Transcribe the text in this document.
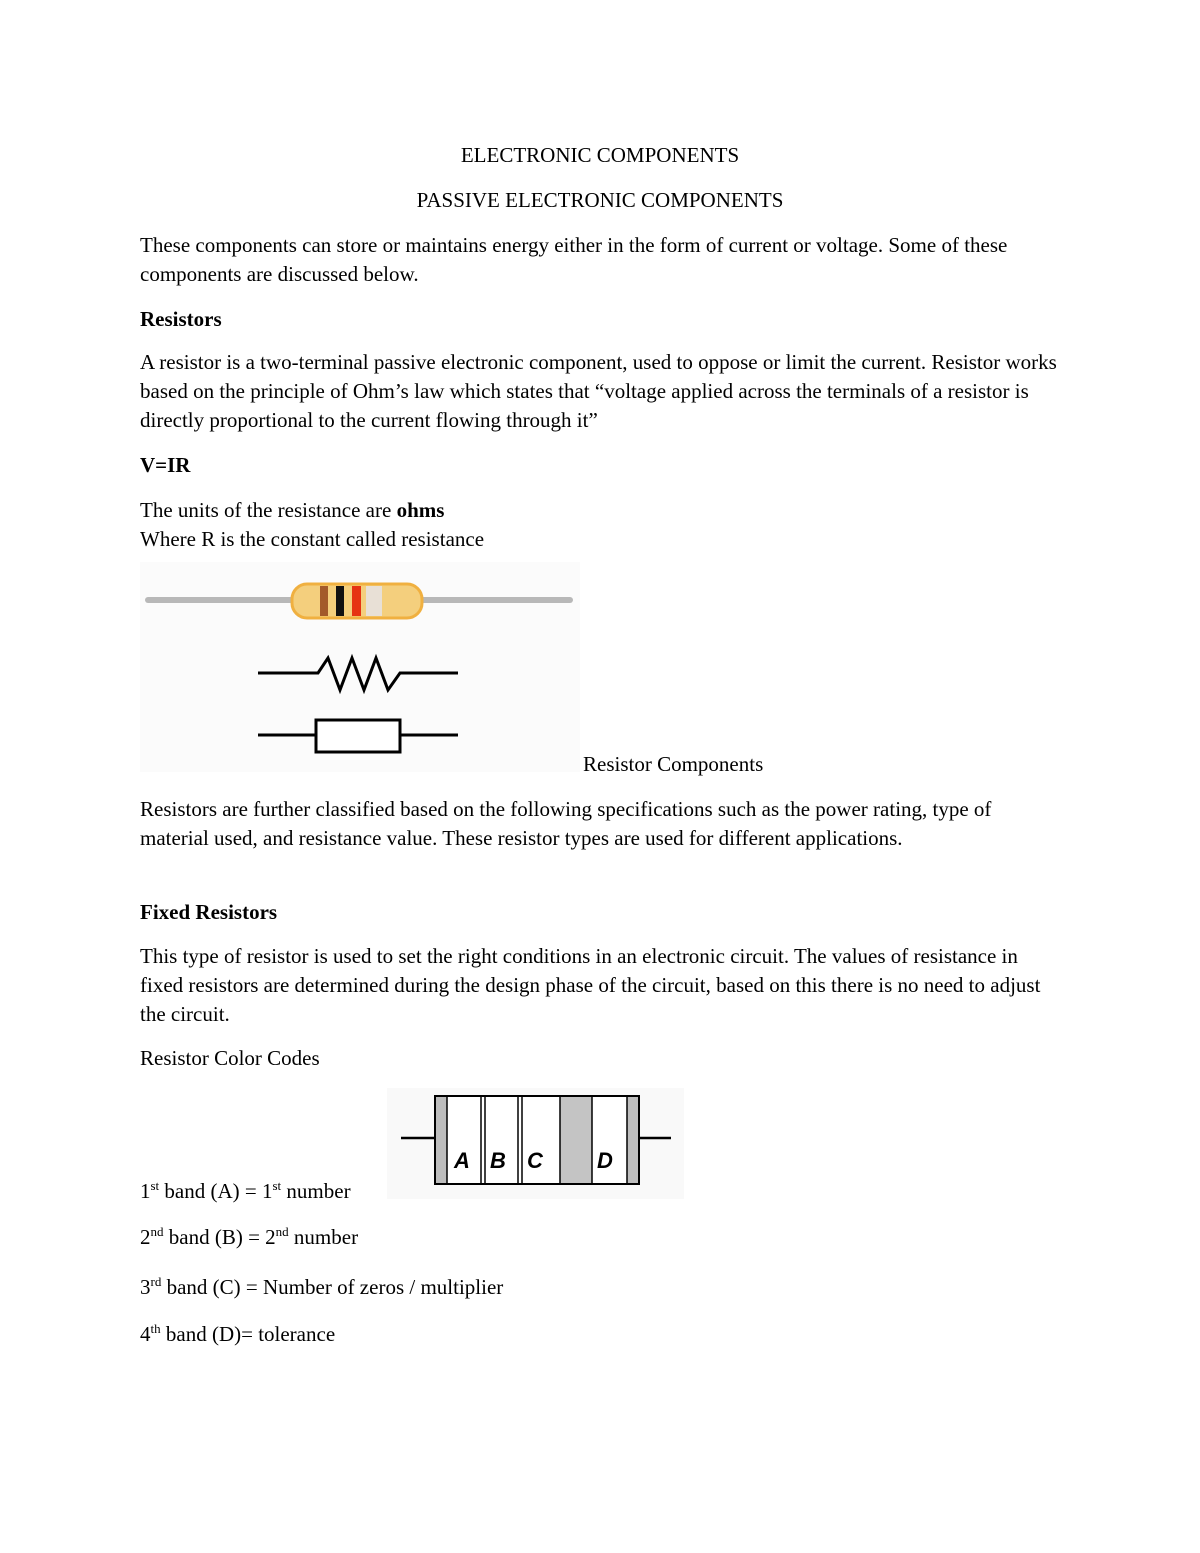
ELECTRONIC COMPONENTS

PASSIVE ELECTRONIC COMPONENTS

These components can store or maintains energy either in the form of current or voltage. Some of these components are discussed below.

Resistors

A resistor is a two-terminal passive electronic component, used to oppose or limit the current. Resistor works based on the principle of Ohm’s law which states that “voltage applied across the terminals of a resistor is directly proportional to the current flowing through it”

V=IR

The units of the resistance are ohms

Where R is the constant called resistance

Resistor Components

Resistors are further classified based on the following specifications such as the power rating, type of material used, and resistance value. These resistor types are used for different applications.

Fixed Resistors

This type of resistor is used to set the right conditions in an electronic circuit. The values of resistance in fixed resistors are determined during the design phase of the circuit, based on this there is no need to adjust the circuit.

Resistor Color Codes

A B C D

1st band (A) = 1st number

2nd band (B) = 2nd number

3rd band (C) = Number of zeros / multiplier

4th band (D)= tolerance
